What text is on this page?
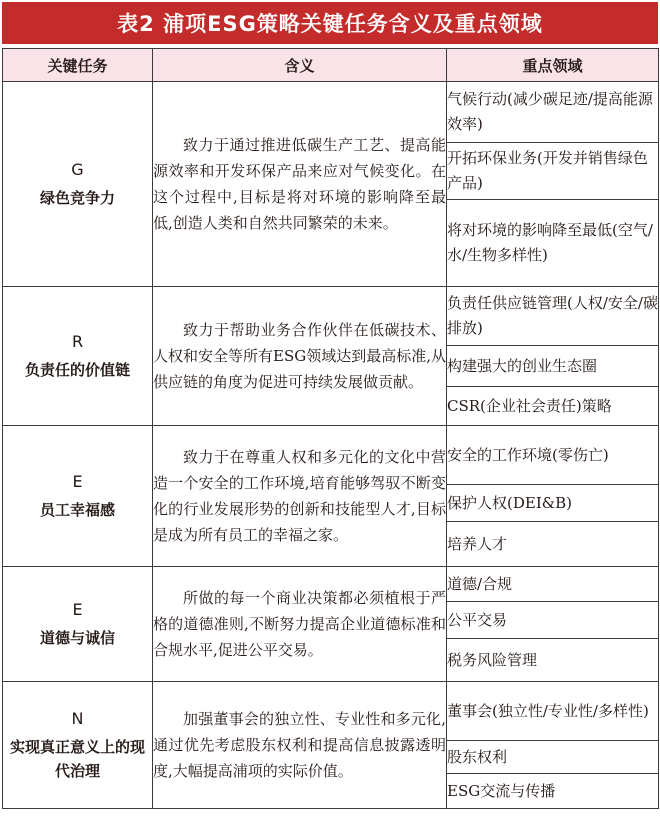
表2 浦项ESG策略关键任务含义及重点领域
关键任务	含义	重点领域

G
绿色竞争力	致力于通过推进低碳生产工艺、提高能源效率和开发环保产品来应对气候变化。在这个过程中,目标是将对环境的影响降至最低,创造人类和自然共同繁荣的未来。	气候行动(减少碳足迹/提高能源效率)
		开拓环保业务(开发并销售绿色产品)
		将对环境的影响降至最低(空气/水/生物多样性)

R
负责任的价值链	致力于帮助业务合作伙伴在低碳技术、人权和安全等所有ESG领域达到最高标准,从供应链的角度为促进可持续发展做贡献。	负责任供应链管理(人权/安全/碳排放)
		构建强大的创业生态圈
		CSR(企业社会责任)策略

E
员工幸福感	致力于在尊重人权和多元化的文化中营造一个安全的工作环境,培育能够驾驭不断变化的行业发展形势的创新和技能型人才,目标是成为所有员工的幸福之家。	安全的工作环境(零伤亡)
		保护人权(DEI&B)
		培养人才

E
道德与诚信	所做的每一个商业决策都必须植根于严格的道德准则,不断努力提高企业道德标准和合规水平,促进公平交易。	道德/合规
		公平交易
		税务风险管理

N
实现真正意义上的现代治理	加强董事会的独立性、专业性和多元化,通过优先考虑股东权利和提高信息披露透明度,大幅提高浦项的实际价值。	董事会(独立性/专业性/多样性)
		股东权利
		ESG交流与传播
